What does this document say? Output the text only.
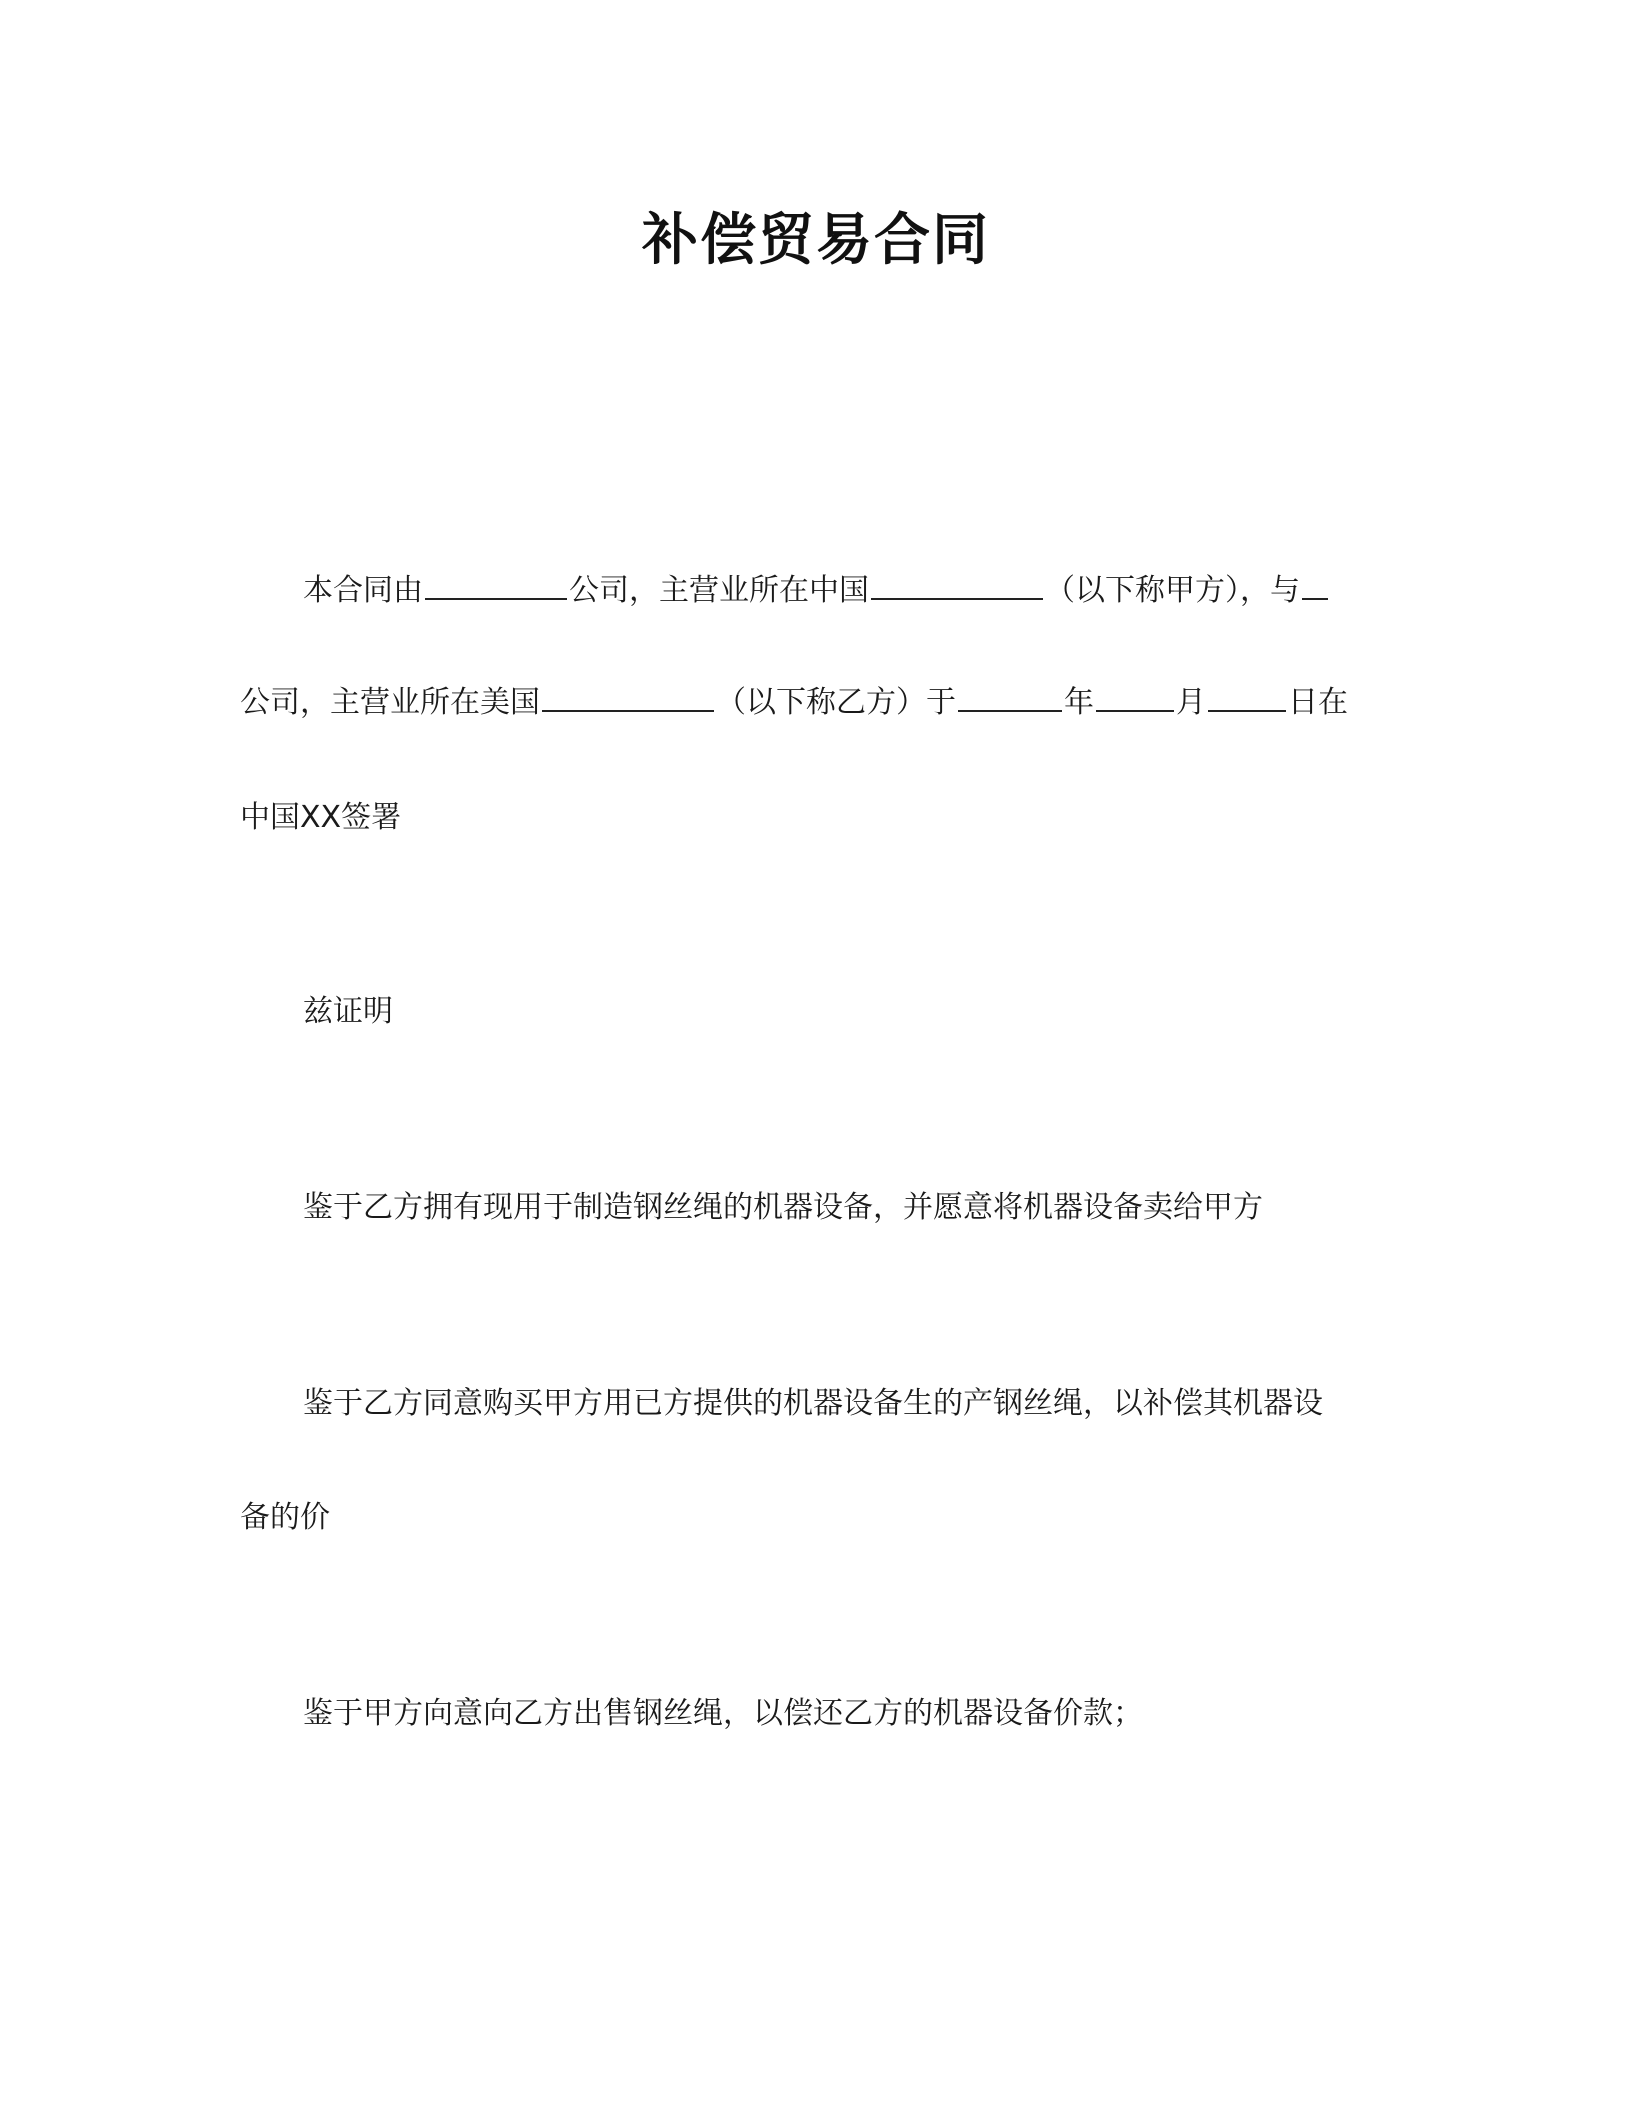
补偿贸易合同
本合同由	公司，主营业所在中国	（以下称甲方），与
公司，主营业所在美国	（以下称乙方）于	年	月	日在
中国XX签署
兹证明
鉴于乙方拥有现用于制造钢丝绳的机器设备，并愿意将机器设备卖给甲方
鉴于乙方同意购买甲方用已方提供的机器设备生的产钢丝绳，以补偿其机器设
备的价
鉴于甲方向意向乙方出售钢丝绳，以偿还乙方的机器设备价款；
